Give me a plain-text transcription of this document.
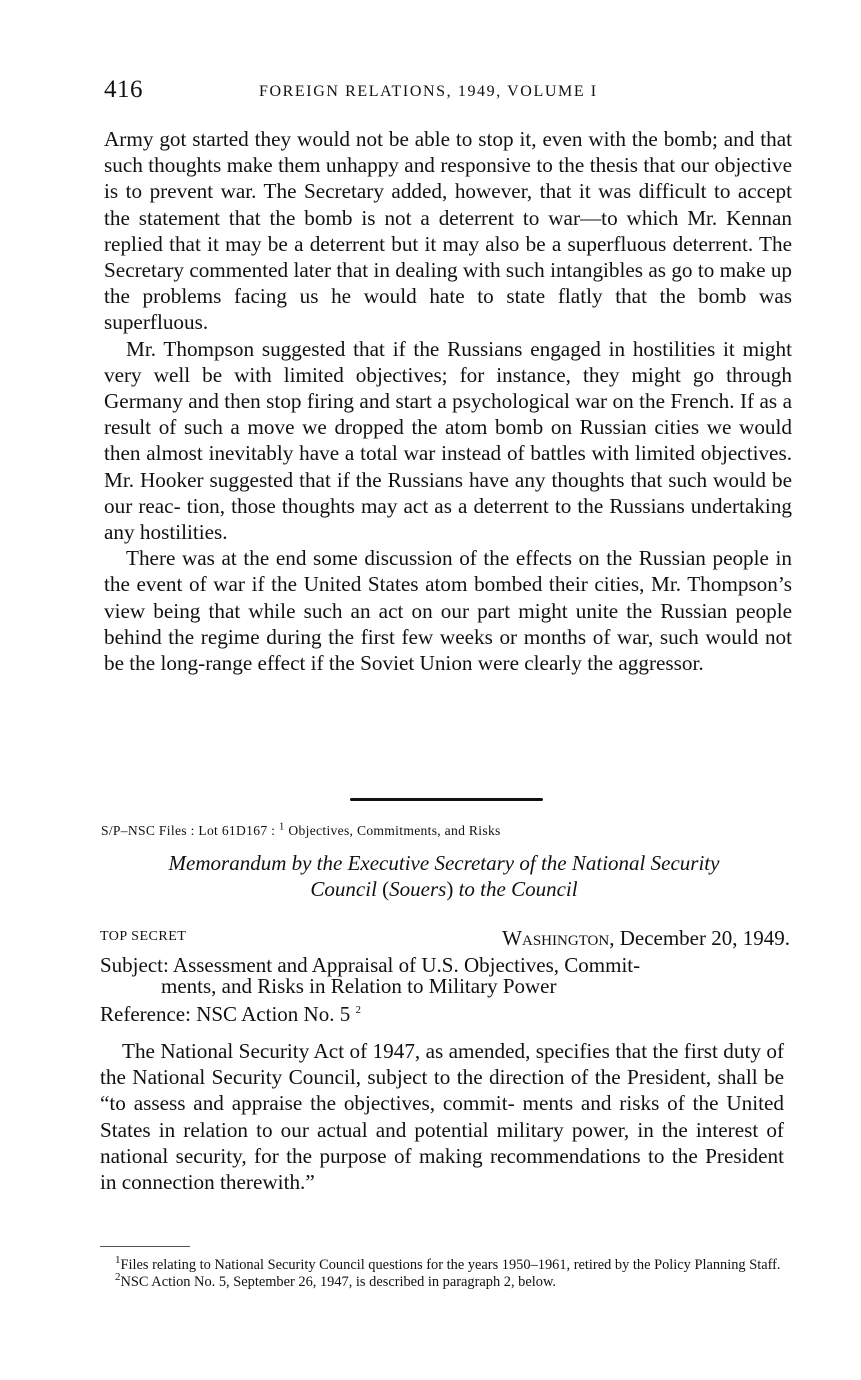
416	FOREIGN RELATIONS, 1949, VOLUME I

Army got started they would not be able to stop it, even with the bomb; and that such thoughts make them unhappy and responsive to the thesis that our objective is to prevent war. The Secretary added, however, that it was difficult to accept the statement that the bomb is not a deterrent to war—to which Mr. Kennan replied that it may be a deterrent but it may also be a superfluous deterrent. The Secretary commented later that in dealing with such intangibles as go to make up the problems facing us he would hate to state flatly that the bomb was superfluous.

Mr. Thompson suggested that if the Russians engaged in hostilities it might very well be with limited objectives; for instance, they might go through Germany and then stop firing and start a psychological war on the French. If as a result of such a move we dropped the atom bomb on Russian cities we would then almost inevitably have a total war instead of battles with limited objectives. Mr. Hooker suggested that if the Russians have any thoughts that such would be our reac- tion, those thoughts may act as a deterrent to the Russians undertaking any hostilities.

There was at the end some discussion of the effects on the Russian people in the event of war if the United States atom bombed their cities, Mr. Thompson’s view being that while such an act on our part might unite the Russian people behind the regime during the first few weeks or months of war, such would not be the long-range effect if the Soviet Union were clearly the aggressor.

S/P–NSC Files : Lot 61D167 : $^1$ Objectives, Commitments, and Risks
Memorandum by the Executive Secretary of the National Security
Council (Souers) to the Council
TOP SECRET	Washington, December 20, 1949.
Subject: Assessment and Appraisal of U.S. Objectives, Commit-
ments, and Risks in Relation to Military Power
Reference: NSC Action No. 5 $^2$

The National Security Act of 1947, as amended, specifies that the first duty of the National Security Council, subject to the direction of the President, shall be “to assess and appraise the objectives, commit- ments and risks of the United States in relation to our actual and potential military power, in the interest of national security, for the purpose of making recommendations to the President in connection therewith.”

$^1$Files relating to National Security Council questions for the years 1950–1961, retired by the Policy Planning Staff.

$^2$NSC Action No. 5, September 26, 1947, is described in paragraph 2, below.
